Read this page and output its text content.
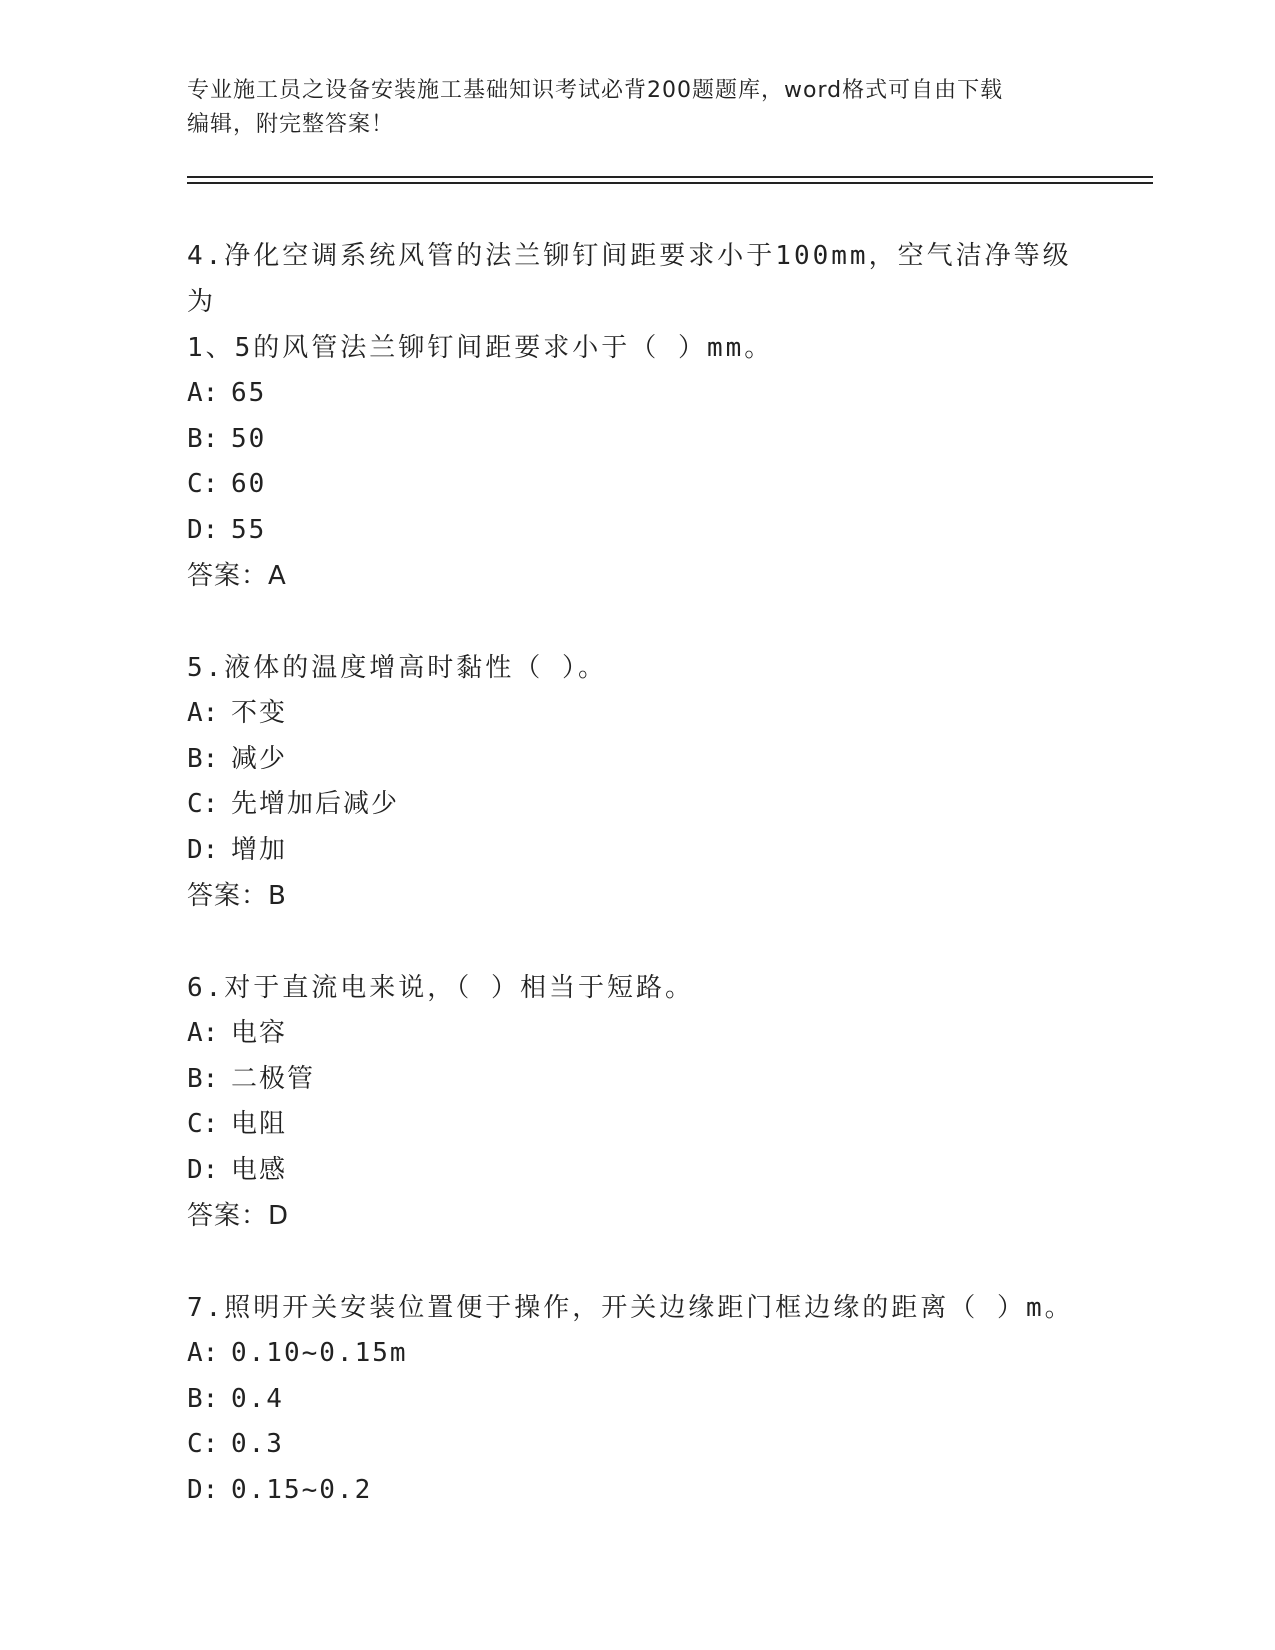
专业施工员之设备安装施工基础知识考试必背200题题库，word格式可自由下载
编辑，附完整答案！
4.净化空调系统风管的法兰铆钉间距要求小于100mm，空气洁净等级为
1、5的风管法兰铆钉间距要求小于（ ）mm。
A: 65
B: 50
C: 60
D: 55
答案：A
5.液体的温度增高时黏性（ ）。
A: 不变
B: 减少
C: 先增加后减少
D: 增加
答案：B
6.对于直流电来说，（ ）相当于短路。
A: 电容
B: 二极管
C: 电阻
D: 电感
答案：D
7.照明开关安装位置便于操作，开关边缘距门框边缘的距离（ ）m。
A: 0.10~0.15m
B: 0.4
C: 0.3
D: 0.15~0.2
